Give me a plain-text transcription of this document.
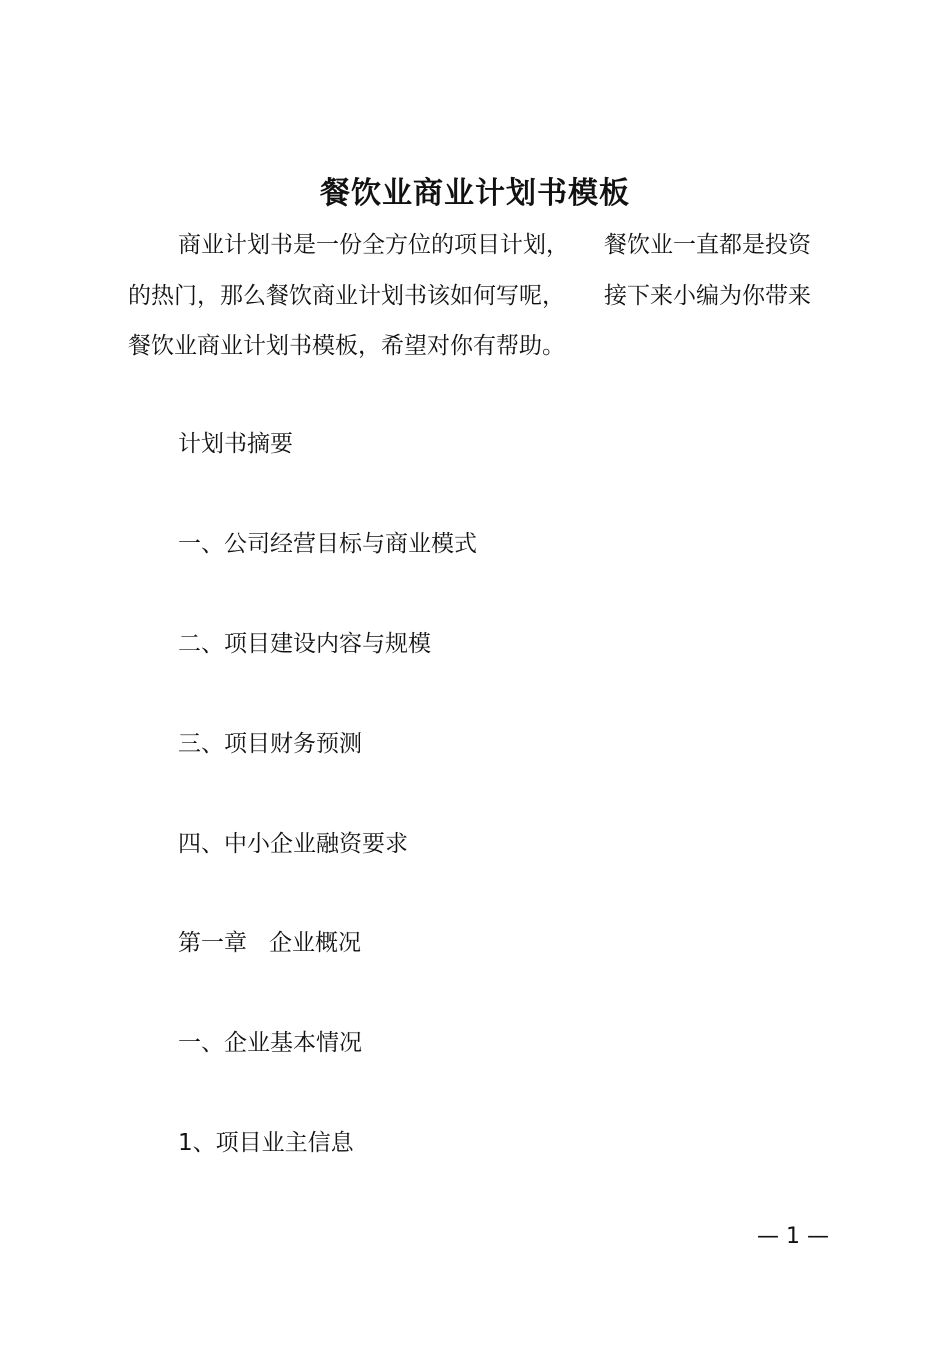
餐饮业商业计划书模板
商业计划书是一份全方位的项目计划， 餐饮业一直都是投资
的热门，那么餐饮商业计划书该如何写呢， 接下来小编为你带来
餐饮业商业计划书模板，希望对你有帮助。
计划书摘要
一、公司经营目标与商业模式
二、项目建设内容与规模
三、项目财务预测
四、中小企业融资要求
第一章 企业概况
一、企业基本情况
1、项目业主信息
— 1 —
